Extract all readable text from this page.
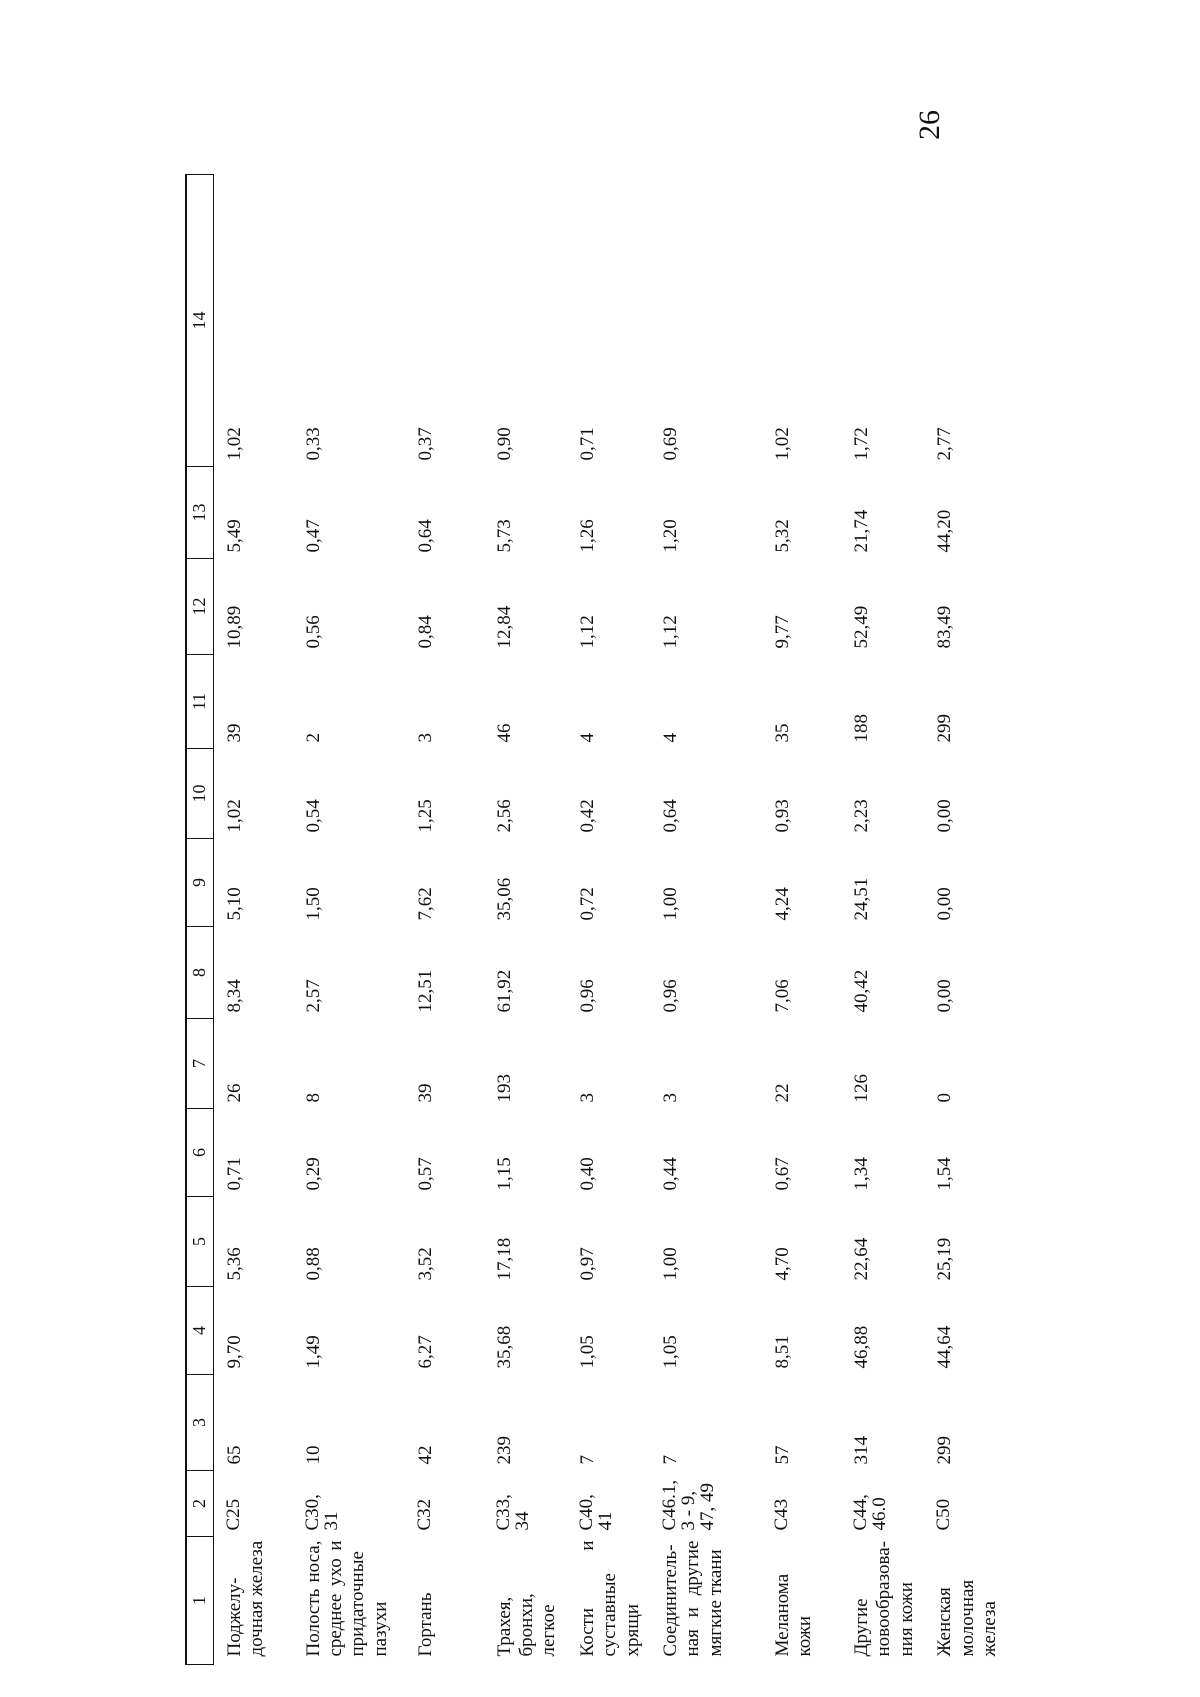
26
1	2	3	4	5	6	7	8	9	10	11	12	13	14
Поджелу-дочная железа	C25	65	9,70	5,36	0,71	26	8,34	5,10	1,02	39	10,89	5,49	1,02
Полость носа, среднее ухо и придаточные пазухи	C30, 31	10	1,49	0,88	0,29	8	2,57	1,50	0,54	2	0,56	0,47	0,33
Гортань	C32	42	6,27	3,52	0,57	39	12,51	7,62	1,25	3	0,84	0,64	0,37
Трахея, бронхи, легкое	C33, 34	239	35,68	17,18	1,15	193	61,92	35,06	2,56	46	12,84	5,73	0,90
Кости и суставные хрящи	C40, 41	7	1,05	0,97	0,40	3	0,96	0,72	0,42	4	1,12	1,26	0,71
Соединитель-ная и другие мягкие ткани	C46.1, 3 - 9, 47, 49	7	1,05	1,00	0,44	3	0,96	1,00	0,64	4	1,12	1,20	0,69
Меланома кожи	C43	57	8,51	4,70	0,67	22	7,06	4,24	0,93	35	9,77	5,32	1,02
Другие новообразова-ния кожи	C44, 46.0	314	46,88	22,64	1,34	126	40,42	24,51	2,23	188	52,49	21,74	1,72
Женская молочная железа	C50	299	44,64	25,19	1,54	0	0,00	0,00	0,00	299	83,49	44,20	2,77
